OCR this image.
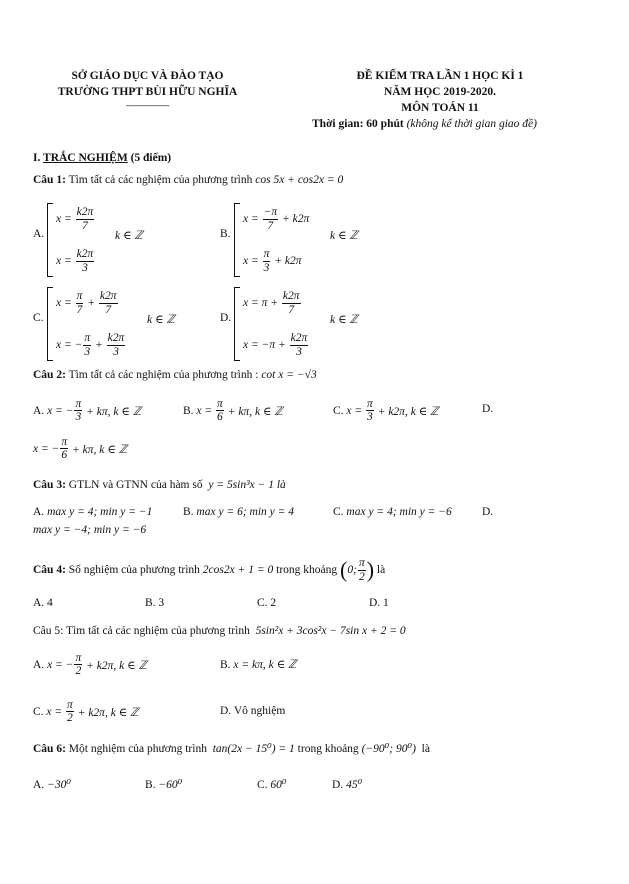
SỞ GIÁO DỤC VÀ ĐÀO TẠO
TRƯỜNG THPT BÙI HỮU NGHĨA
--------------------
ĐỀ KIỂM TRA LẦN 1 HỌC KÌ 1
NĂM HỌC 2019-2020.
MÔN TOÁN 11
Thời gian: 60 phút (không kể thời gian giao đề)
I. TRẮC NGHIỆM (5 điểm)
Câu 1: Tìm tất cả các nghiệm của phương trình cos 5x + cos2x = 0
A.
x =
$\frac{k2\pi}{7}$
x =
$\frac{k2\pi}{3}$
k ∈ ℤ	B.
x =
$\frac{-\pi}{7}$
+ k2π
x =
$\frac{\pi}{3}$
+ k2π
k ∈ ℤ
C.
x =
$\frac{\pi}{7}$
+
$\frac{k2\pi}{7}$
x =
− $\frac{\pi}{3}$
+
$\frac{k2\pi}{3}$
k ∈ ℤ	D.
x = π +
$\frac{k2\pi}{7}$
x = −π +
$\frac{k2\pi}{3}$
k ∈ ℤ
Câu 2: Tìm tất cả các nghiệm của phương trình : cot x = −√3
A.
x = − $\frac{\pi}{3}$
+ kπ, k ∈ ℤ	B.
x =
$\frac{\pi}{6}$
+ kπ, k ∈ ℤ	C.
x =
$\frac{\pi}{3}$
+ k2π, k ∈ ℤ	D.
x = − $\frac{\pi}{6}$
+ kπ, k ∈ ℤ
Câu 3: GTLN và GTNN của hàm số y = 5sin³x − 1 là
A. max y = 4; min y = −1	B. max y = 6; min y = 4	C. max y = 4; min y = −6	D.
max y = −4; min y = −6
Câu 4:
Số nghiệm của phương trình
2cos2x + 1 = 0
trong khoảng
( 0; $\frac{\pi}{2}$ )
là
A. 4	B. 3	C. 2	D. 1
Câu 5: Tìm tất cả các nghiệm của phương trình 5sin²x + 3cos²x − 7sin x + 2 = 0
A.
x = − $\frac{\pi}{2}$
+ k2π, k ∈ ℤ	B. x = kπ, k ∈ ℤ
C.
x =
$\frac{\pi}{2}$
+ k2π, k ∈ ℤ	D. Vô nghiệm
Câu 6: Một nghiệm của phương trình tan(2x − 15⁰) = 1 trong khoảng (−90⁰; 90⁰) là
A. −30⁰	B. −60⁰	C. 60⁰	D. 45⁰
